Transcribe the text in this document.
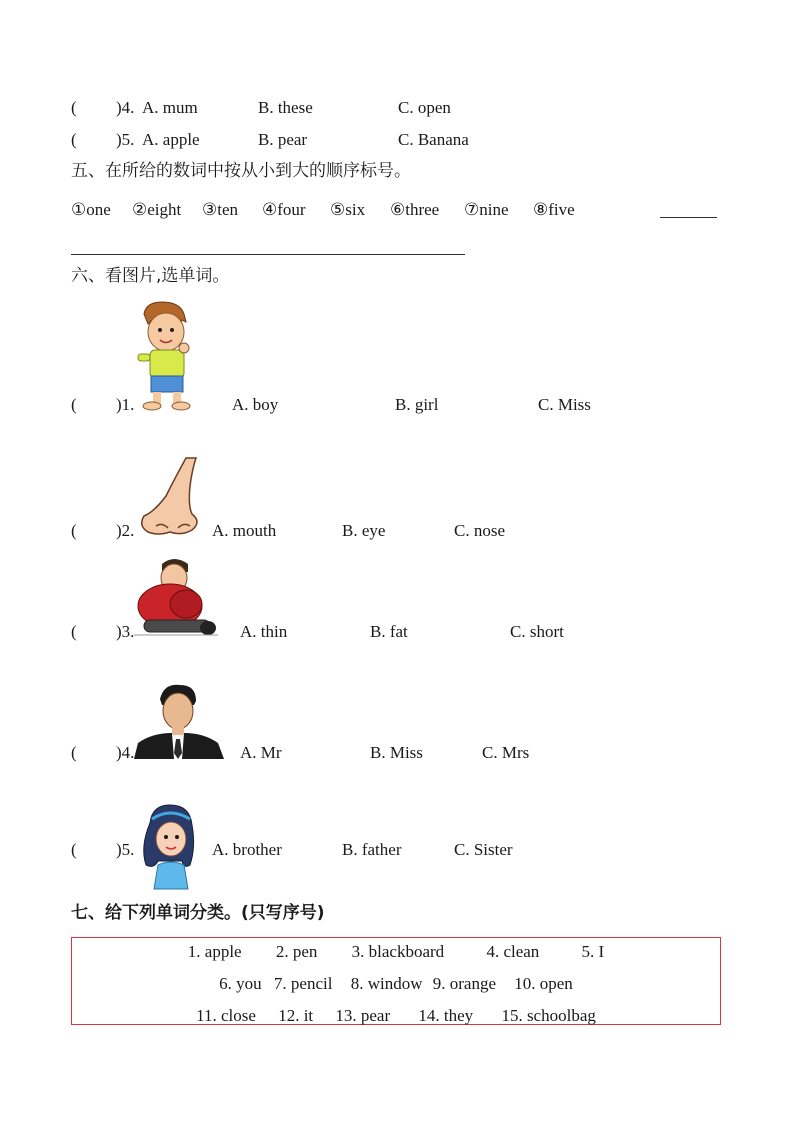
( )4. A. mum	B. these	C. open
( )5. A. apple	B. pear	C. Banana
五、在所给的数词中按从小到大的顺序标号。
①one ②eight ③ten ④four ⑤six ⑥three ⑦nine ⑧five
六、看图片,选单词。
( )1.	A. boy	B. girl	C. Miss
( )2.	A. mouth	B. eye	C. nose
( )3.	A. thin	B. fat	C. short
( )4.	A. Mr	B. Miss	C. Mrs
( )5.	A. brother	B. father	C. Sister
七、给下列单词分类。(只写序号)
1. apple 2. pen 3. blackboard 4. clean 5. I
6. you 7. pencil 8. window 9. orange 10. open
11. close 12. it 13. pear 14. they 15. schoolbag
